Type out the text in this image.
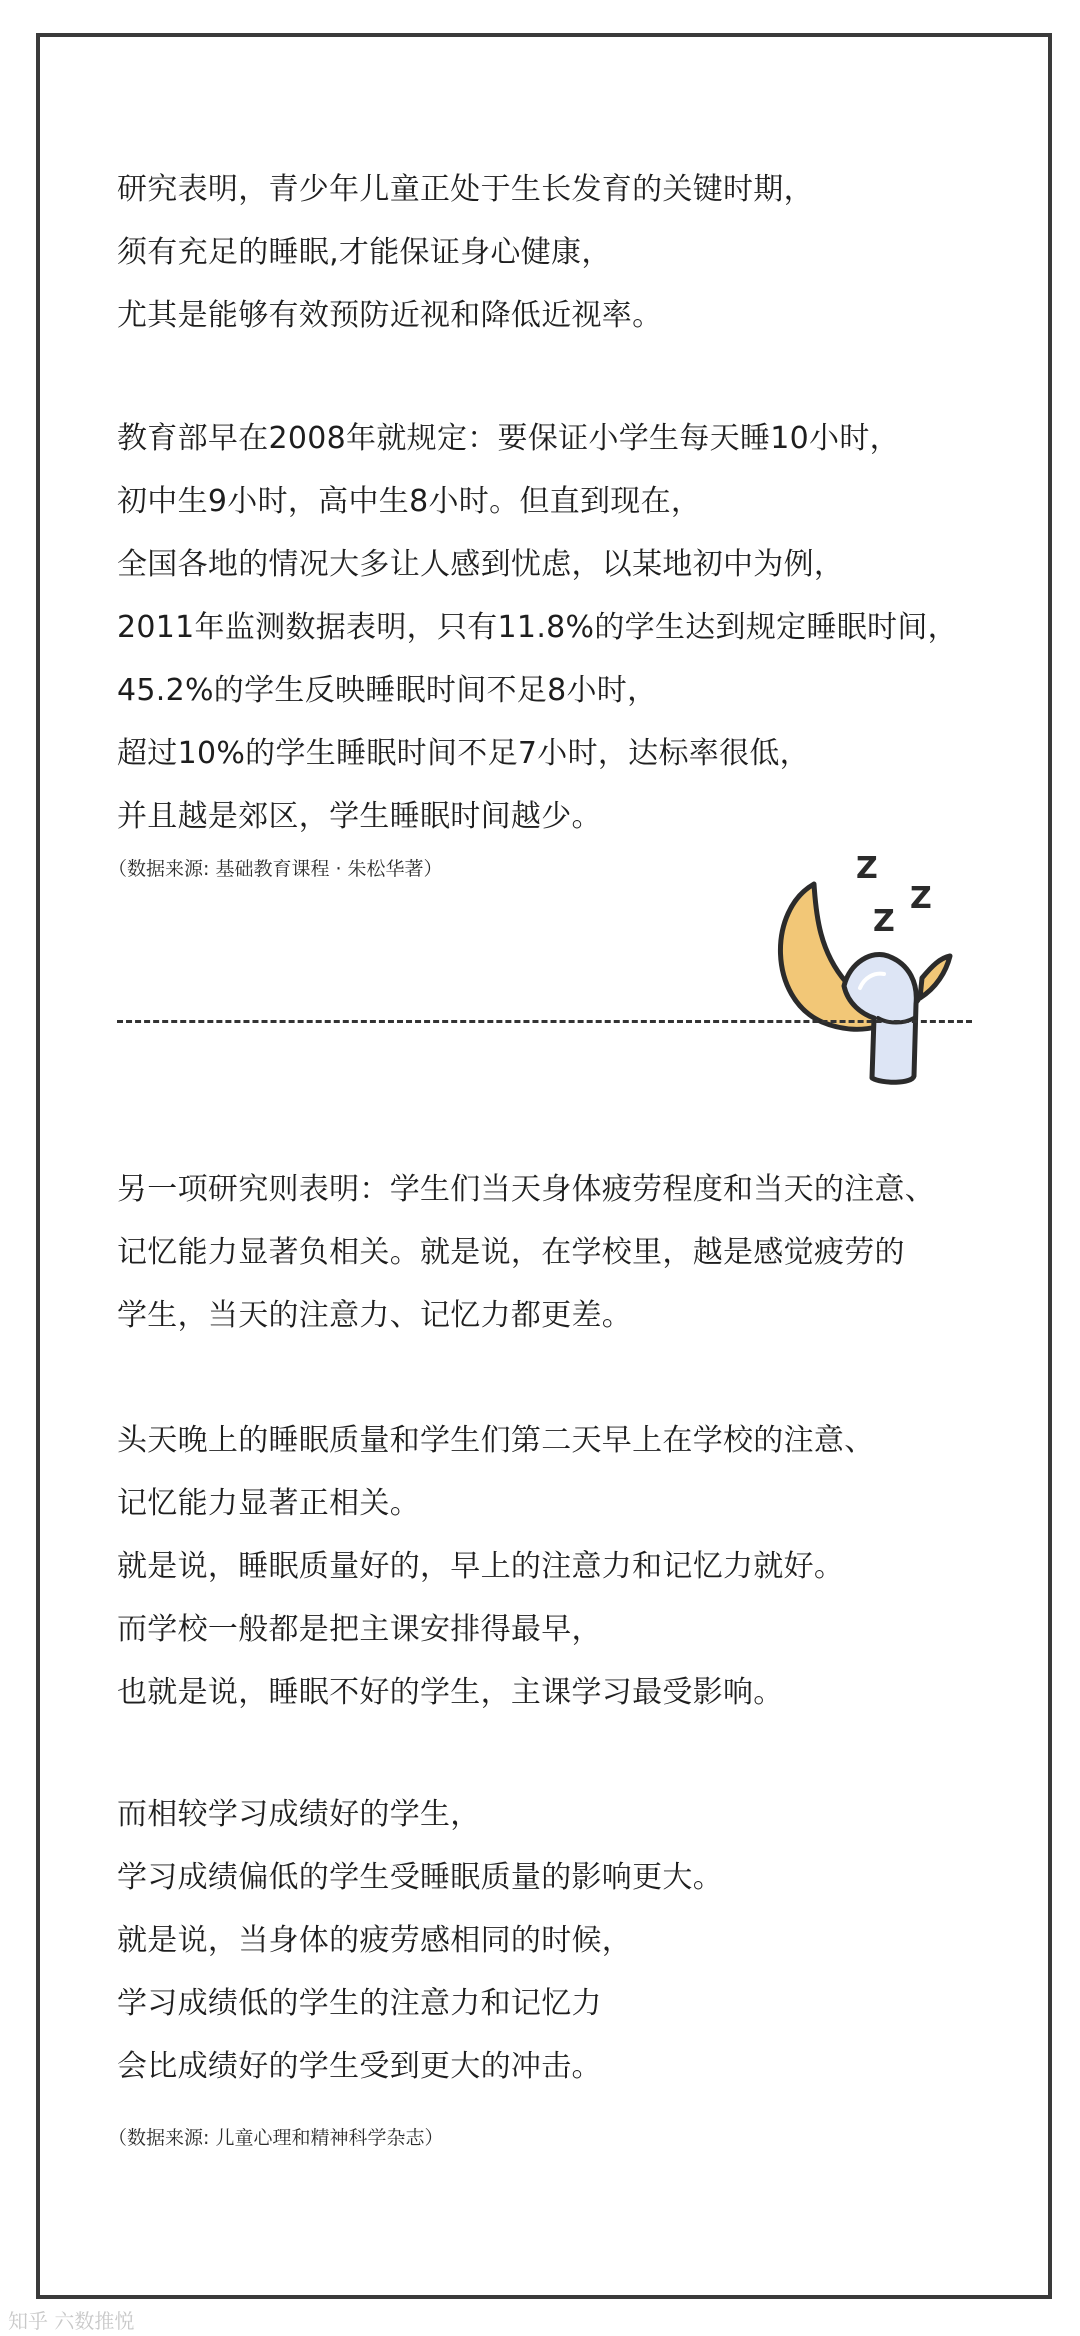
研究表明，青少年儿童正处于生长发育的关键时期，
须有充足的睡眠,才能保证身心健康，
尤其是能够有效预防近视和降低近视率。
教育部早在2008年就规定：要保证小学生每天睡10小时，
初中生9小时，高中生8小时。但直到现在，
全国各地的情况大多让人感到忧虑，以某地初中为例，
2011年监测数据表明，只有11.8%的学生达到规定睡眠时间，
45.2%的学生反映睡眠时间不足8小时，
超过10%的学生睡眠时间不足7小时，达标率很低，
并且越是郊区，学生睡眠时间越少。
（数据来源: 基础教育课程 · 朱松华著）	Z
Z
Z
另一项研究则表明：学生们当天身体疲劳程度和当天的注意、
记忆能力显著负相关。就是说，在学校里，越是感觉疲劳的
学生，当天的注意力、记忆力都更差。
头天晚上的睡眠质量和学生们第二天早上在学校的注意、
记忆能力显著正相关。
就是说，睡眠质量好的，早上的注意力和记忆力就好。
而学校一般都是把主课安排得最早，
也就是说，睡眠不好的学生，主课学习最受影响。
而相较学习成绩好的学生，
学习成绩偏低的学生受睡眠质量的影响更大。
就是说，当身体的疲劳感相同的时候，
学习成绩低的学生的注意力和记忆力
会比成绩好的学生受到更大的冲击。
（数据来源: 儿童心理和精神科学杂志）
知乎 六数推悦
